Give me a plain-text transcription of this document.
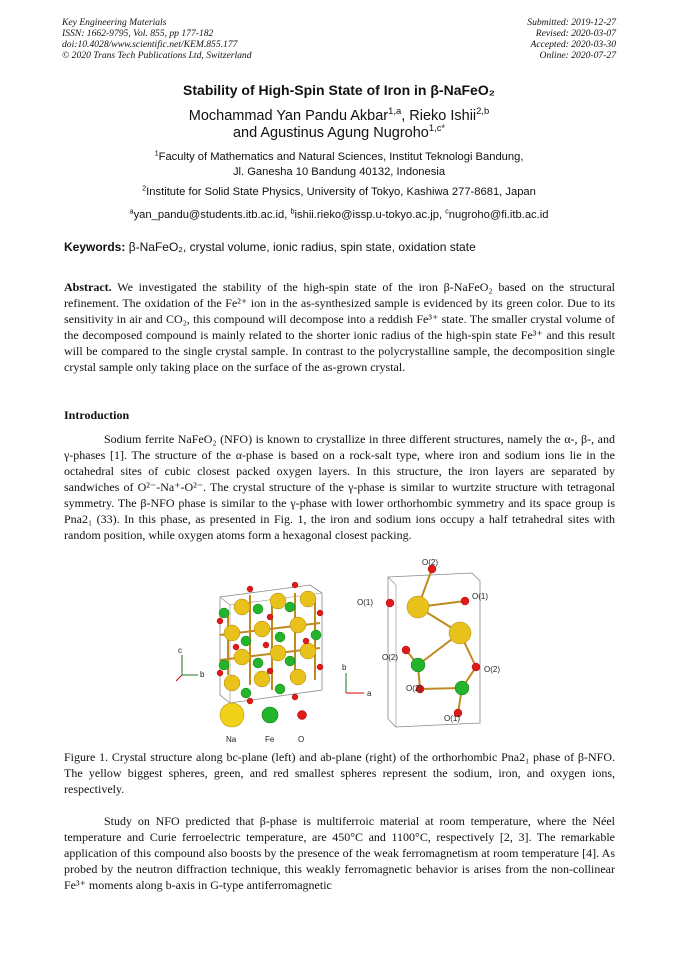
Key Engineering Materials
ISSN: 1662-9795, Vol. 855, pp 177-182
doi:10.4028/www.scientific.net/KEM.855.177
© 2020 Trans Tech Publications Ltd, Switzerland
Submitted: 2019-12-27
Revised: 2020-03-07
Accepted: 2020-03-30
Online: 2020-07-27
Stability of High-Spin State of Iron in β-NaFeO₂
Mochammad Yan Pandu Akbar$^{1,a}$, Rieko Ishii$^{2,b}$
and Agustinus Agung Nugroho$^{1,c*}$
$^1$Faculty of Mathematics and Natural Sciences, Institut Teknologi Bandung,
Jl. Ganesha 10 Bandung 40132, Indonesia
$^2$Institute for Solid State Physics, University of Tokyo, Kashiwa 277-8681, Japan
$^a$yan_pandu@students.itb.ac.id, $^b$ishii.rieko@issp.u-tokyo.ac.jp, $^c$nugroho@fi.itb.ac.id
Keywords: β-NaFeO₂, crystal volume, ionic radius, spin state, oxidation state

Abstract. We investigated the stability of the high-spin state of the iron β-NaFeO₂ based on the structural refinement. The oxidation of the Fe²⁺ ion in the as-synthesized sample is evidenced by its green color. Due to its sensitivity in air and CO₂, this compound will decompose into a reddish Fe³⁺ state. The smaller crystal volume of the decomposed compound is mainly related to the shorter ionic radius of the high-spin state Fe³⁺ and this result will be compared to the single crystal sample. In contrast to the polycrystalline sample, the decomposition single crystal sample only taking place on the surface of the as-grown crystal.

Introduction

Sodium ferrite NaFeO₂ (NFO) is known to crystallize in three different structures, namely the α-, β-, and γ-phases [1]. The structure of the α-phase is based on a rock-salt type, where iron and sodium ions lie in the octahedral sites of cubic closest packed oxygen layers. In this structure, the iron layers are separated by sandwiches of O²⁻-Na⁺-O²⁻. The crystal structure of the γ-phase is similar to wurtzite structure with tetragonal symmetry. The β-NFO phase is similar to the γ-phase with lower orthorhombic symmetry and its space group is Pna2₁ (33). In this phase, as presented in Fig. 1, the iron and sodium ions occupy a half tetrahedral sites with random position, while oxygen atoms form a hexagonal closest packing.

c
b
Na	Fe	O
O(2)
O(1)
O(1)
O(2)
O(2)
O(2)
O(1)
b
a

Figure 1. Crystal structure along bc-plane (left) and ab-plane (right) of the orthorhombic Pna2₁ phase of β-NFO. The yellow biggest spheres, green, and red smallest spheres represent the sodium, iron, and oxygen ions, respectively.

Study on NFO predicted that β-phase is multiferroic material at room temperature, where the Néel temperature and Curie ferroelectric temperature, are 450°C and 1100°C, respectively [2, 3]. The remarkable application of this compound also boosts by the presence of the weak ferromagnetism at room temperature [4]. As probed by the neutron diffraction technique, this weakly ferromagnetic behavior is arises from the non-collinear Fe³⁺ moments along b-axis in G-type antiferromagnetic
